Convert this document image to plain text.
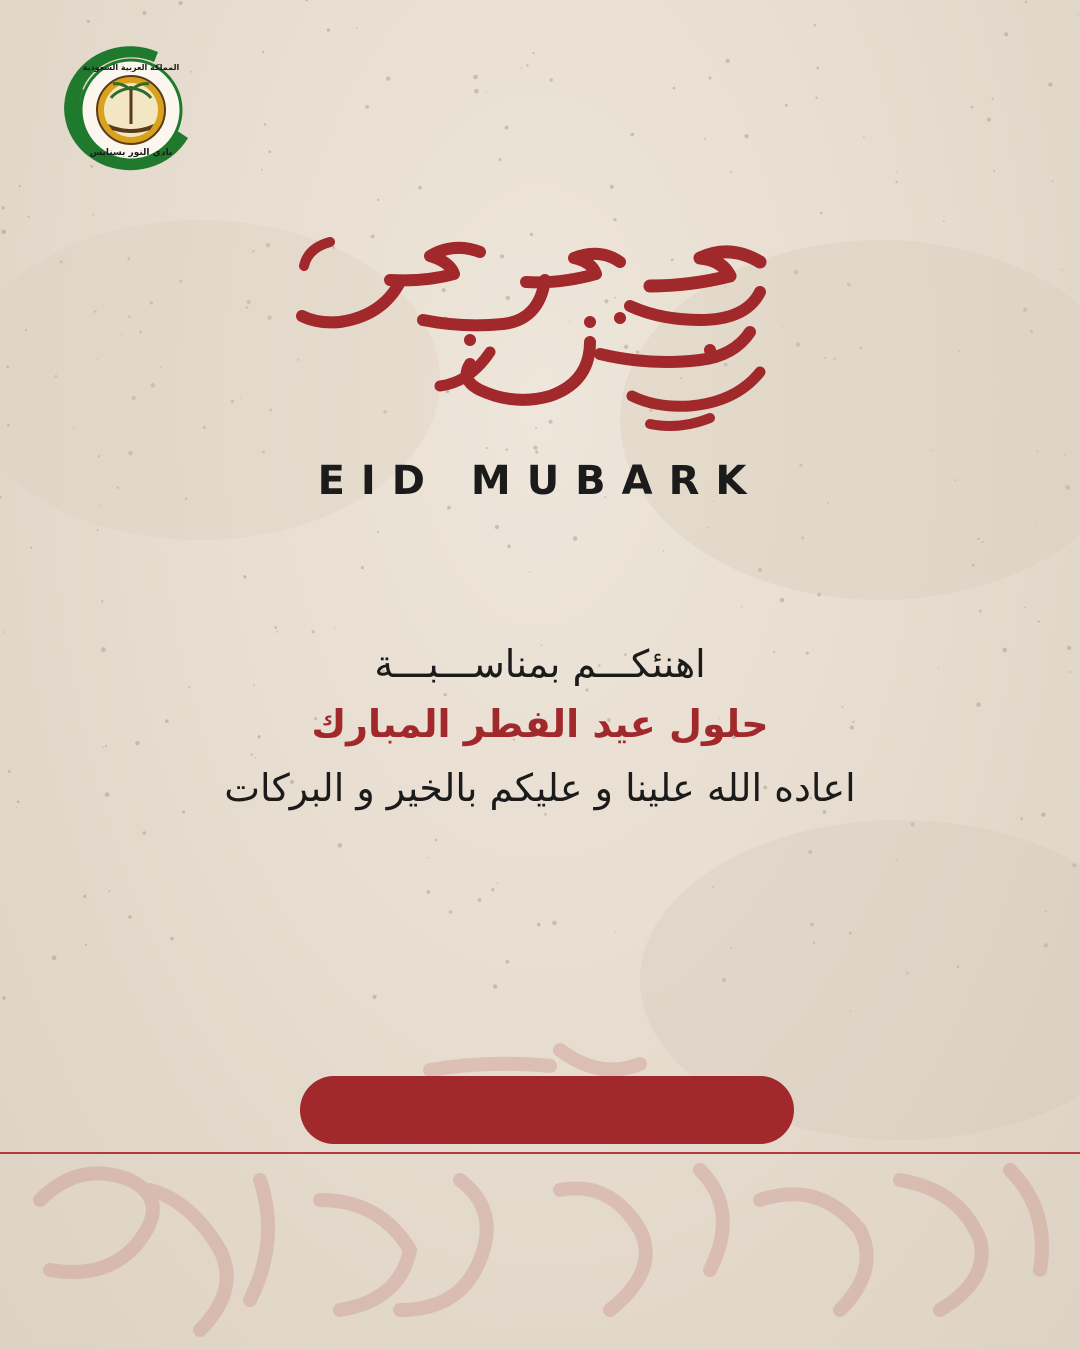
المملكة العربية السعودية
نادي النور بسنابس
عيد سعيد
EID MUBARK
اهنئكـــم بمناســـبـــة
حلول عيد الفطر المبارك
اعاده الله علينا و عليكم بالخير و البركات
